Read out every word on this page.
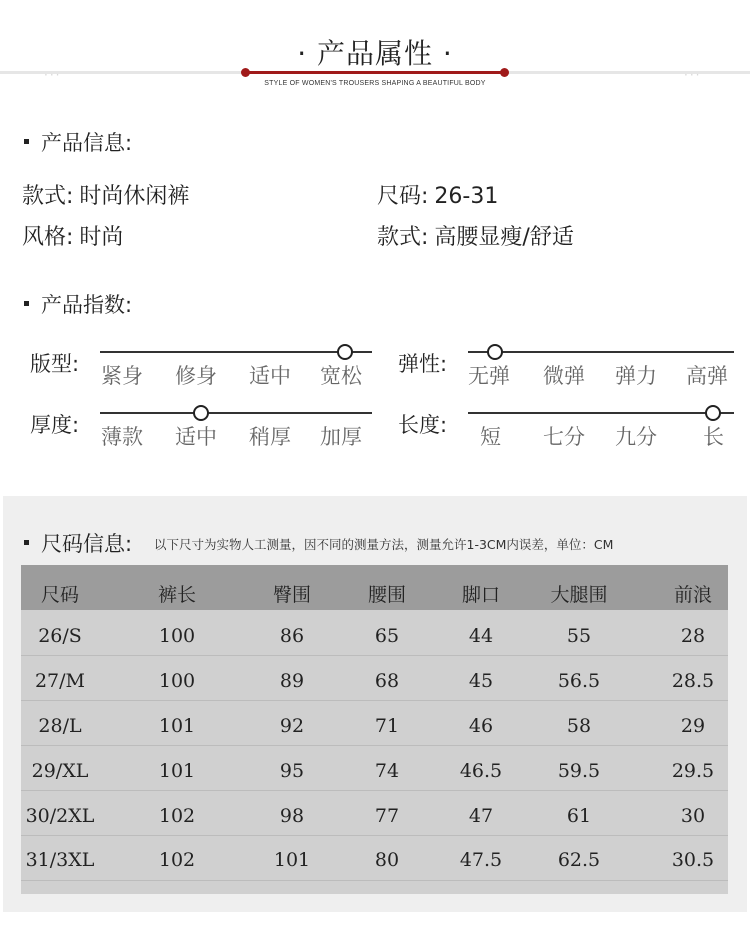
···	···
· 产品属性 ·
STYLE OF WOMEN'S TROUSERS SHAPING A BEAUTIFUL BODY
产品信息:
款式: 时尚休闲裤	尺码: 26-31
风格: 时尚	款式: 高腰显瘦/舒适
产品指数:
版型: 紧身 修身 适中 宽松 弹性: 无弹 微弹 弹力 高弹
厚度: 薄款 适中 稍厚 加厚 长度: 短 七分 九分 长
尺码信息: 以下尺寸为实物人工测量，因不同的测量方法，测量允许1-3CM内误差，单位：CM
尺码	裤长	臀围	腰围	脚口	大腿围	前浪
26/S	100	86	65	44	55	28
27/M	100	89	68	45	56.5	28.5
28/L	101	92	71	46	58	29
29/XL	101	95	74	46.5	59.5	29.5
30/2XL	102	98	77	47	61	30
31/3XL	102	101	80	47.5	62.5	30.5
